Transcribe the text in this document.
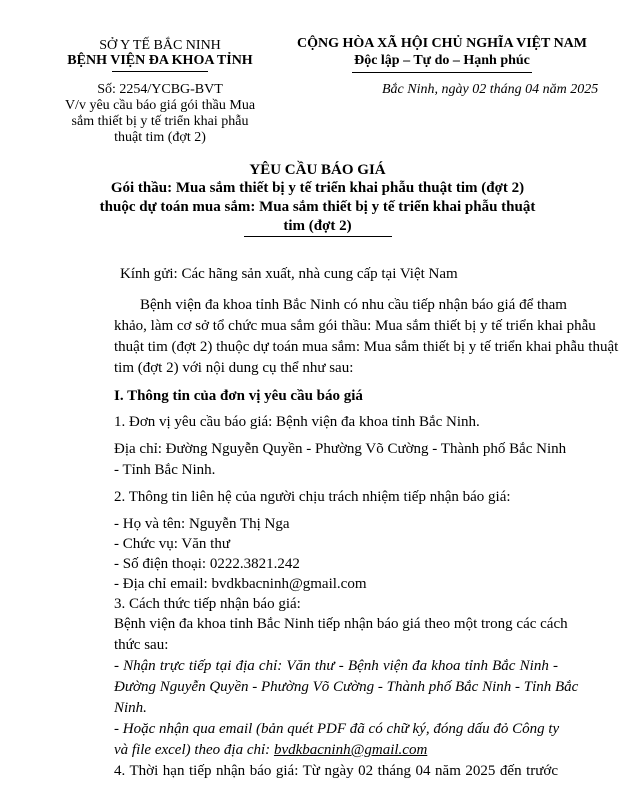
SỞ Y TẾ BẮC NINH
BỆNH VIỆN ĐA KHOA TỈNH
CỘNG HÒA XÃ HỘI CHỦ NGHĨA VIỆT NAM
Độc lập – Tự do – Hạnh phúc
Số: 2254/YCBG-BVT
V/v yêu cầu báo giá gói thầu Mua
sắm thiết bị y tế triển khai phẫu
thuật tim (đợt 2)
Bắc Ninh, ngày 02 tháng 04 năm 2025
YÊU CẦU BÁO GIÁ
Gói thầu: Mua sắm thiết bị y tế triển khai phẫu thuật tim (đợt 2)
thuộc dự toán mua sắm: Mua sắm thiết bị y tế triển khai phẫu thuật
tim (đợt 2)
Kính gửi: Các hãng sản xuất, nhà cung cấp tại Việt Nam
Bệnh viện đa khoa tỉnh Bắc Ninh có nhu cầu tiếp nhận báo giá để tham
khảo, làm cơ sở tổ chức mua sắm gói thầu: Mua sắm thiết bị y tế triển khai phẫu
thuật tim (đợt 2) thuộc dự toán mua sắm: Mua sắm thiết bị y tế triển khai phẫu thuật
tim (đợt 2) với nội dung cụ thể như sau:
I. Thông tin của đơn vị yêu cầu báo giá
1. Đơn vị yêu cầu báo giá: Bệnh viện đa khoa tỉnh Bắc Ninh.
Địa chỉ: Đường Nguyễn Quyền - Phường Võ Cường - Thành phố Bắc Ninh
- Tỉnh Bắc Ninh.
2. Thông tin liên hệ của người chịu trách nhiệm tiếp nhận báo giá:
- Họ và tên: Nguyễn Thị Nga
- Chức vụ: Văn thư
- Số điện thoại: 0222.3821.242
- Địa chỉ email: bvdkbacninh@gmail.com
3. Cách thức tiếp nhận báo giá:
Bệnh viện đa khoa tỉnh Bắc Ninh tiếp nhận báo giá theo một trong các cách
thức sau:
- Nhận trực tiếp tại địa chỉ: Văn thư - Bệnh viện đa khoa tỉnh Bắc Ninh -
Đường Nguyễn Quyền - Phường Võ Cường - Thành phố Bắc Ninh - Tỉnh Bắc
Ninh.
- Hoặc nhận qua email (bản quét PDF đã có chữ ký, đóng dấu đỏ Công ty
và file excel) theo địa chỉ: bvdkbacninh@gmail.com
4. Thời hạn tiếp nhận báo giá: Từ ngày 02 tháng 04 năm 2025 đến trước
